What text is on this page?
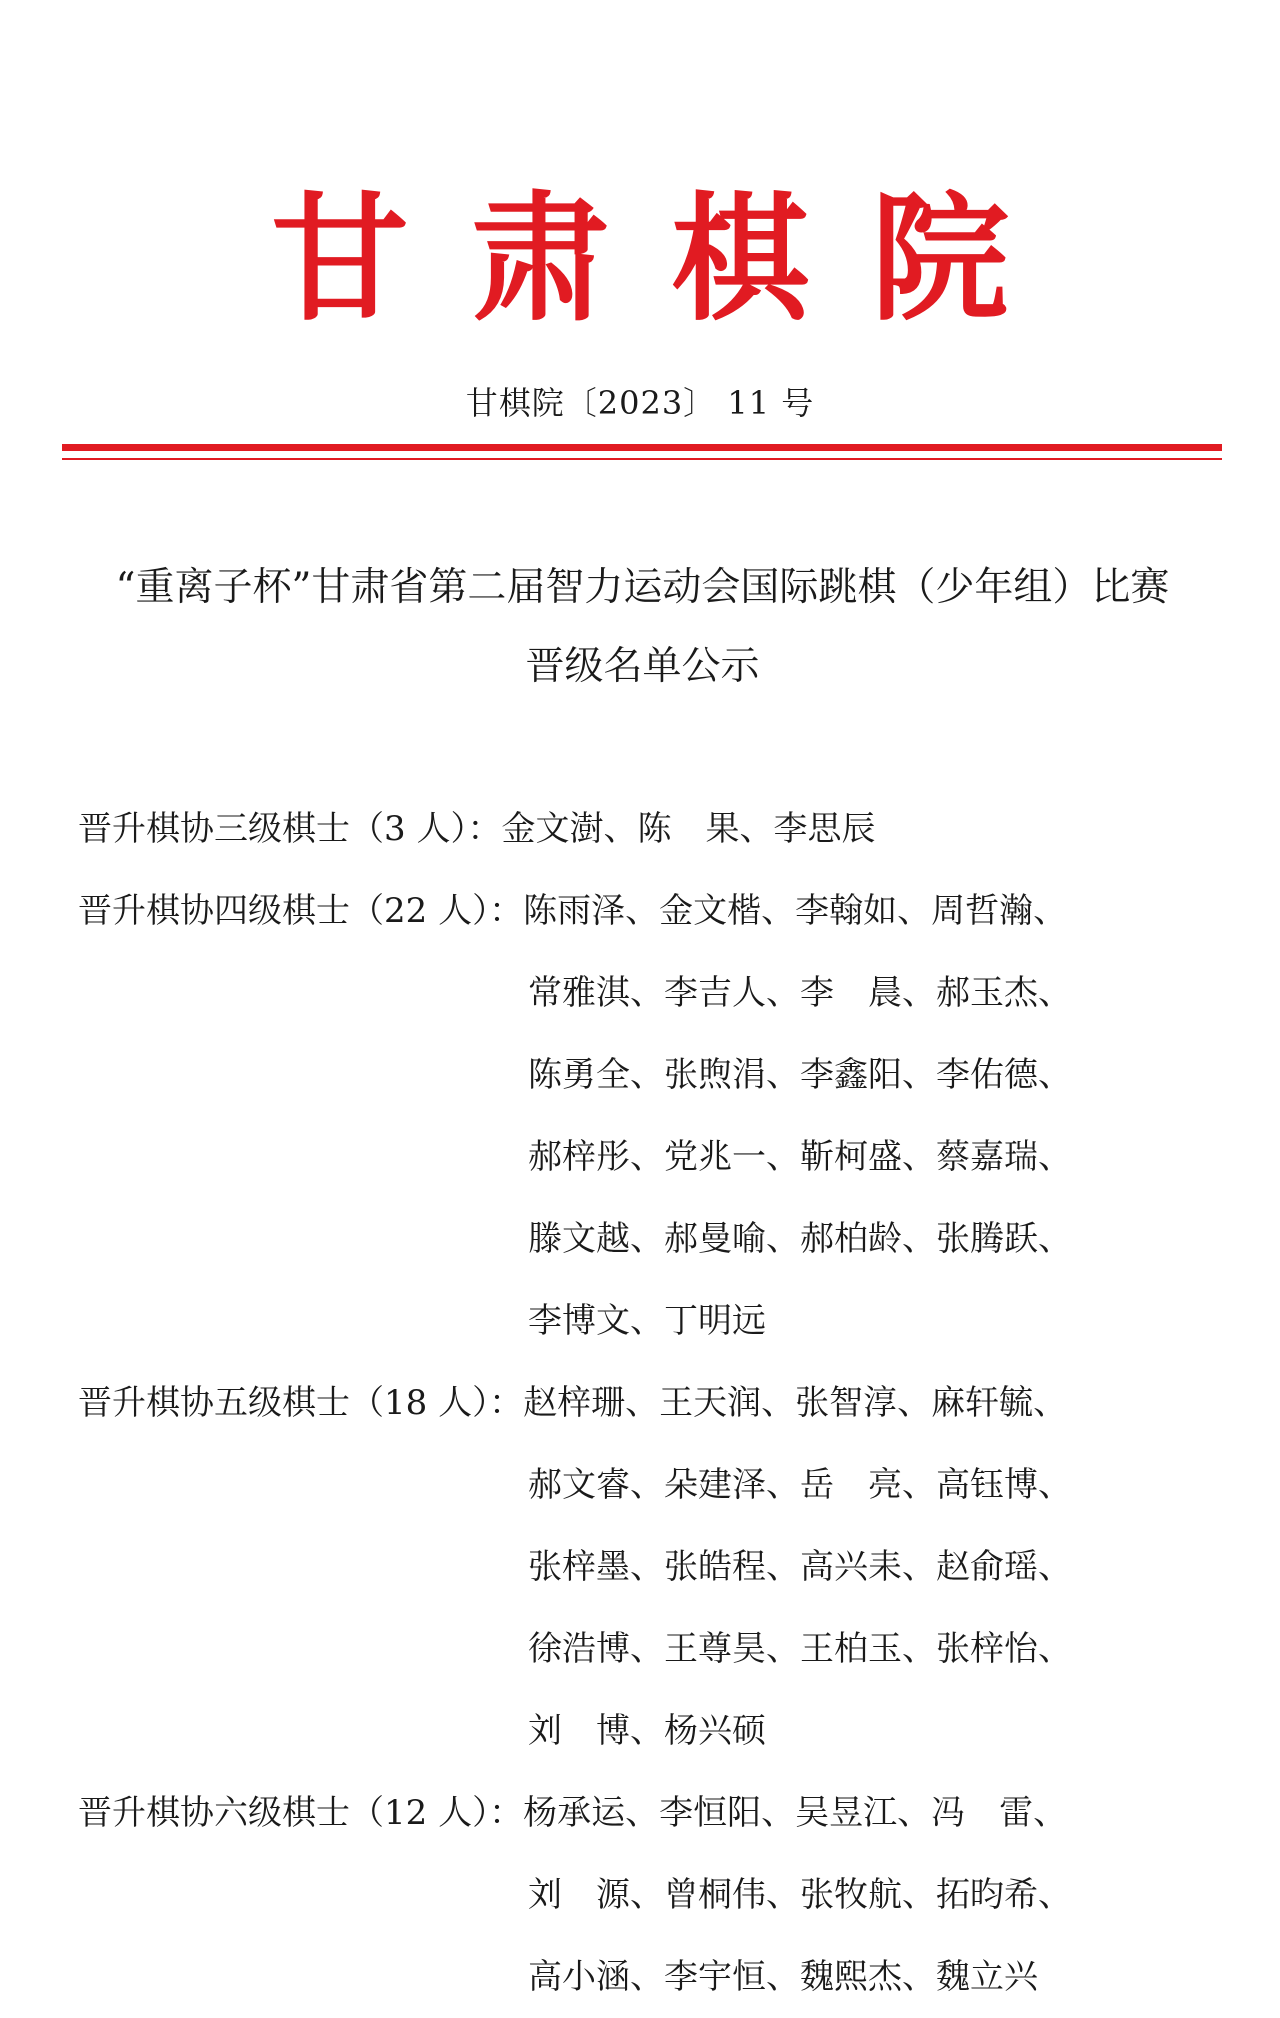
甘 肃 棋 院
甘棋院〔2023〕 11 号
“重离子杯”甘肃省第二届智力运动会国际跳棋（少年组）比赛
晋级名单公示
晋升棋协三级棋士（3 人）： 金文澍、陈　果、李思辰
晋升棋协四级棋士（22 人）： 陈雨泽、金文楷、李翰如、周哲瀚、
常雅淇、李吉人、李　晨、郝玉杰、
陈勇全、张煦涓、李鑫阳、李佑德、
郝梓彤、党兆一、靳柯盛、蔡嘉瑞、
滕文越、郝曼喻、郝柏龄、张腾跃、
李博文、丁明远
晋升棋协五级棋士（18 人）： 赵梓珊、王天润、张智淳、麻轩毓、
郝文睿、朵建泽、岳　亮、高钰博、
张梓墨、张皓程、高兴耒、赵俞瑶、
徐浩博、王尊昊、王柏玉、张梓怡、
刘　博、杨兴硕
晋升棋协六级棋士（12 人）： 杨承运、李恒阳、吴昱江、冯　雷、
刘　源、曾桐伟、张牧航、拓昀希、
高小涵、李宇恒、魏熙杰、魏立兴
